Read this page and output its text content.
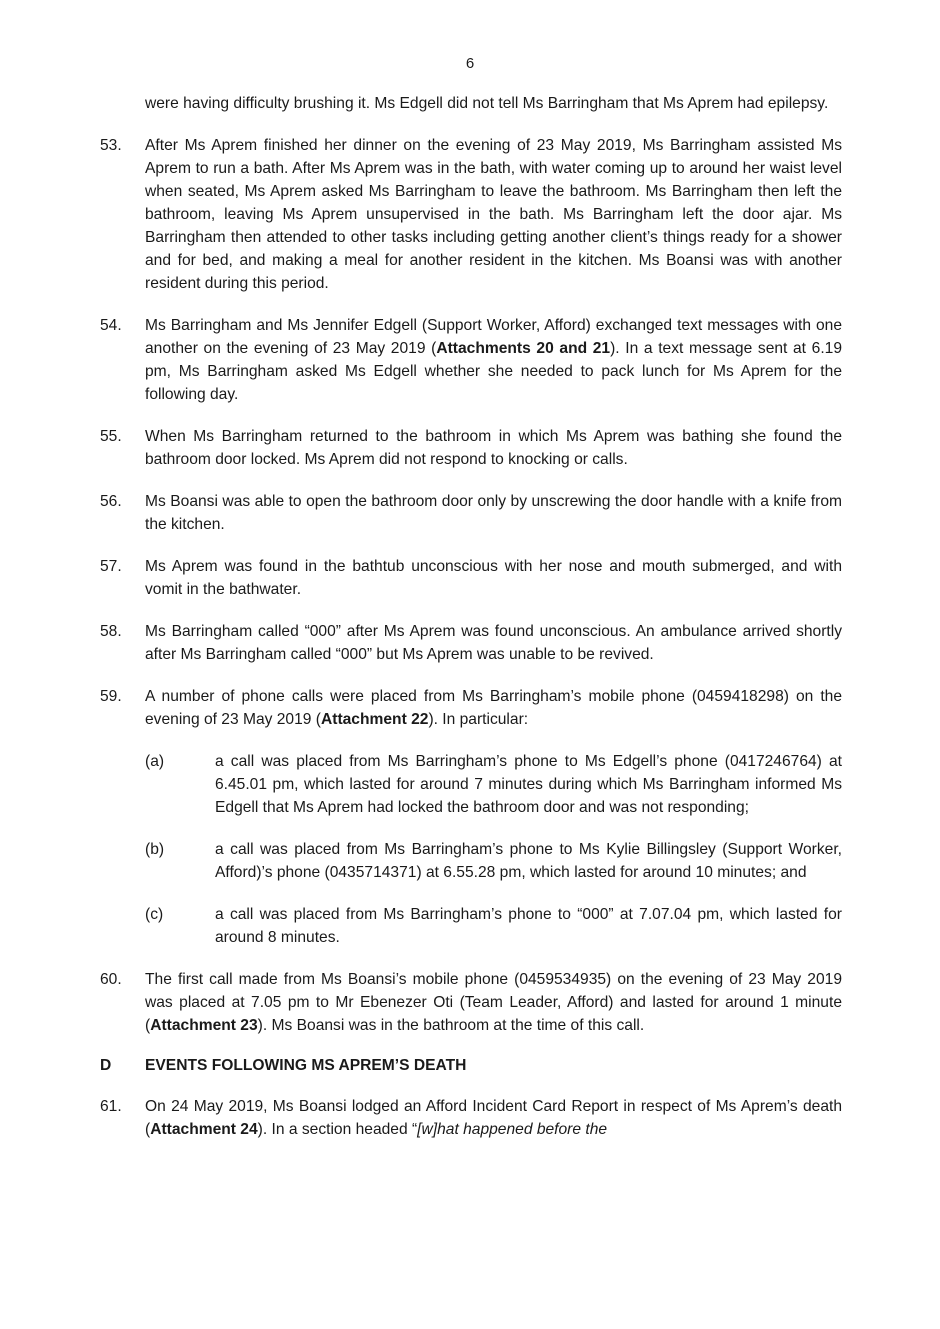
6
were having difficulty brushing it. Ms Edgell did not tell Ms Barringham that Ms Aprem had epilepsy.
53.	After Ms Aprem finished her dinner on the evening of 23 May 2019, Ms Barringham assisted Ms Aprem to run a bath. After Ms Aprem was in the bath, with water coming up to around her waist level when seated, Ms Aprem asked Ms Barringham to leave the bathroom. Ms Barringham then left the bathroom, leaving Ms Aprem unsupervised in the bath. Ms Barringham left the door ajar. Ms Barringham then attended to other tasks including getting another client’s things ready for a shower and for bed, and making a meal for another resident in the kitchen. Ms Boansi was with another resident during this period.
54.	Ms Barringham and Ms Jennifer Edgell (Support Worker, Afford) exchanged text messages with one another on the evening of 23 May 2019 (Attachments 20 and 21). In a text message sent at 6.19 pm, Ms Barringham asked Ms Edgell whether she needed to pack lunch for Ms Aprem for the following day.
55.	When Ms Barringham returned to the bathroom in which Ms Aprem was bathing she found the bathroom door locked. Ms Aprem did not respond to knocking or calls.
56.	Ms Boansi was able to open the bathroom door only by unscrewing the door handle with a knife from the kitchen.
57.	Ms Aprem was found in the bathtub unconscious with her nose and mouth submerged, and with vomit in the bathwater.
58.	Ms Barringham called “000” after Ms Aprem was found unconscious. An ambulance arrived shortly after Ms Barringham called “000” but Ms Aprem was unable to be revived.
59.	A number of phone calls were placed from Ms Barringham’s mobile phone (0459418298) on the evening of 23 May 2019 (Attachment 22). In particular:
(a)	a call was placed from Ms Barringham’s phone to Ms Edgell’s phone (0417246764) at 6.45.01 pm, which lasted for around 7 minutes during which Ms Barringham informed Ms Edgell that Ms Aprem had locked the bathroom door and was not responding;
(b)	a call was placed from Ms Barringham’s phone to Ms Kylie Billingsley (Support Worker, Afford)’s phone (0435714371) at 6.55.28 pm, which lasted for around 10 minutes; and
(c)	a call was placed from Ms Barringham’s phone to “000” at 7.07.04 pm, which lasted for around 8 minutes.
60.	The first call made from Ms Boansi’s mobile phone (0459534935) on the evening of 23 May 2019 was placed at 7.05 pm to Mr Ebenezer Oti (Team Leader, Afford) and lasted for around 1 minute (Attachment 23). Ms Boansi was in the bathroom at the time of this call.
D	EVENTS FOLLOWING MS APREM’S DEATH
61.	On 24 May 2019, Ms Boansi lodged an Afford Incident Card Report in respect of Ms Aprem’s death (Attachment 24). In a section headed “[w]hat happened before the
